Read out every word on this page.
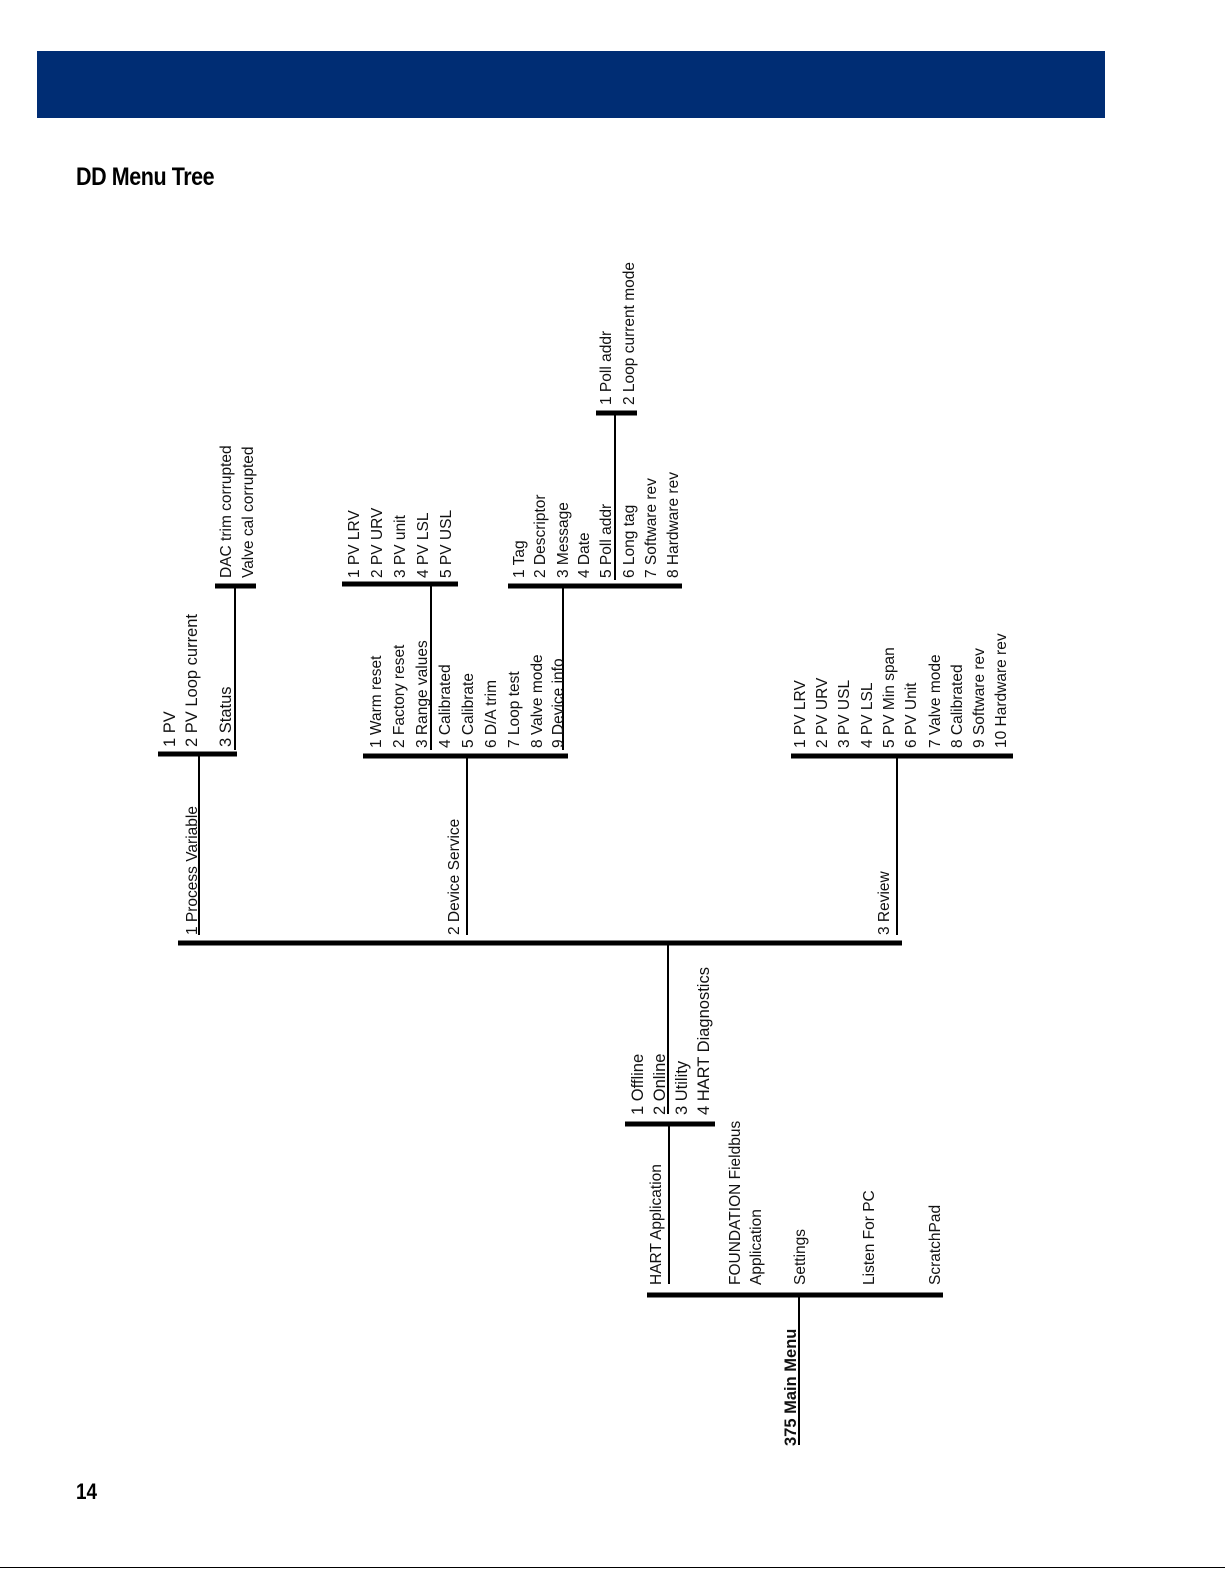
DD Menu Tree
375 Main Menu
HART Application	FOUNDATION Fieldbus Application Settings	Listen For PC	ScratchPad
1 Offline 2 Online 3 Utility 4 HART Diagnostics
1 Process Variable	2 Device Service	3 Review
1 PV 2 PV Loop current 3 Status
DAC trim corrupted Valve cal corrupted
1 Warm reset 2 Factory reset 3 Range values 4 Calibrated 5 Calibrate 6 D/A trim 7 Loop test 8 Valve mode 9 Device info
1 PV LRV 2 PV URV 3 PV unit 4 PV LSL 5 PV USL	1 Tag 2 Descriptor 3 Message 4 Date 5 Poll addr 6 Long tag 7 Software rev 8 Hardware rev
1 Poll addr 2 Loop current mode
1 PV LRV 2 PV URV 3 PV USL 4 PV LSL 5 PV Min span 6 PV Unit 7 Valve mode 8 Calibrated 9 Software rev 10 Hardware rev
14
